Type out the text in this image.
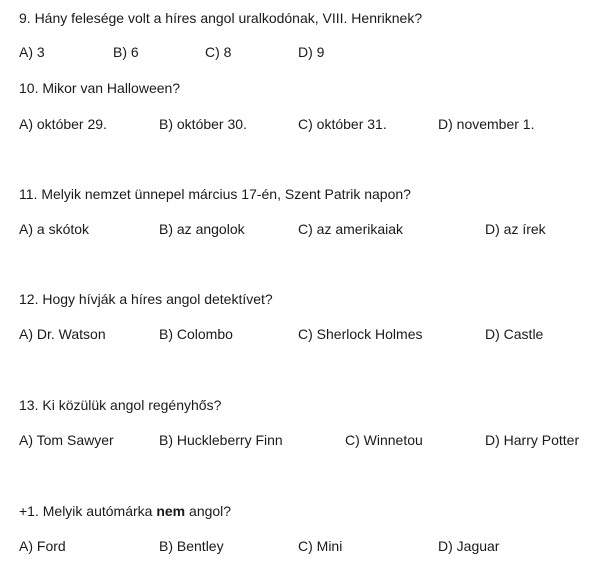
9. Hány felesége volt a híres angol uralkodónak, VIII. Henriknek?
A) 3	B) 6	C) 8	D) 9
10. Mikor van Halloween?
A) október 29.	B) október 30.	C) október 31.	D) november 1.
11. Melyik nemzet ünnepel március 17-én, Szent Patrik napon?
A) a skótok	B) az angolok	C) az amerikaiak	D) az írek
12. Hogy hívják a híres angol detektívet?
A) Dr. Watson	B) Colombo	C) Sherlock Holmes	D) Castle
13. Ki közülük angol regényhős?
A) Tom Sawyer	B) Huckleberry Finn	C) Winnetou	D) Harry Potter
+1. Melyik autómárka nem angol?
A) Ford	B) Bentley	C) Mini	D) Jaguar
